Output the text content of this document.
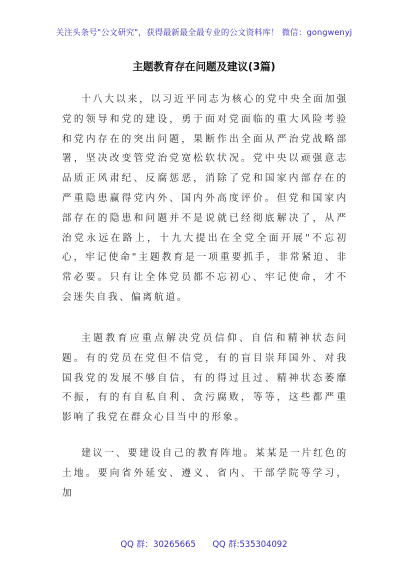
关注头条号"公文研究"，获得最新最全最专业的公文资料库！ 微信：gongwenyj
主题教育存在问题及建议(3篇)

十八大以来，以习近平同志为核心的党中央全面加强党的领导和党的建设，勇于面对党面临的重大风险考验和党内存在的突出问题，果断作出全面从严治党战略部署，坚决改变管党治党宽松软状况。党中央以顽强意志品质正风肃纪、反腐惩恶，消除了党和国家内部存在的严重隐患赢得党内外、国内外高度评价。但党和国家内部存在的隐患和问题并不是说就已经彻底解决了，从严治党永远在路上，十九大提出在全党全面开展"不忘初心，牢记使命"主题教育是一项重要抓手，非常紧迫、非常必要。只有让全体党员都不忘初心、牢记使命，才不会迷失自我、偏离航道。

主题教育应重点解决党员信仰、自信和精神状态问题。有的党员在党但不信党，有的盲目崇拜国外、对我国我党的发展不够自信，有的得过且过、精神状态萎靡不振，有的有自私自利、贪污腐败，等等，这些都严重影响了我党在群众心目当中的形象。

建议一、要建设自己的教育阵地。某某是一片红色的土地。要向省外延安、遵义、省内、干部学院等学习，加

QQ 群：30265665 QQ 群:535304092
